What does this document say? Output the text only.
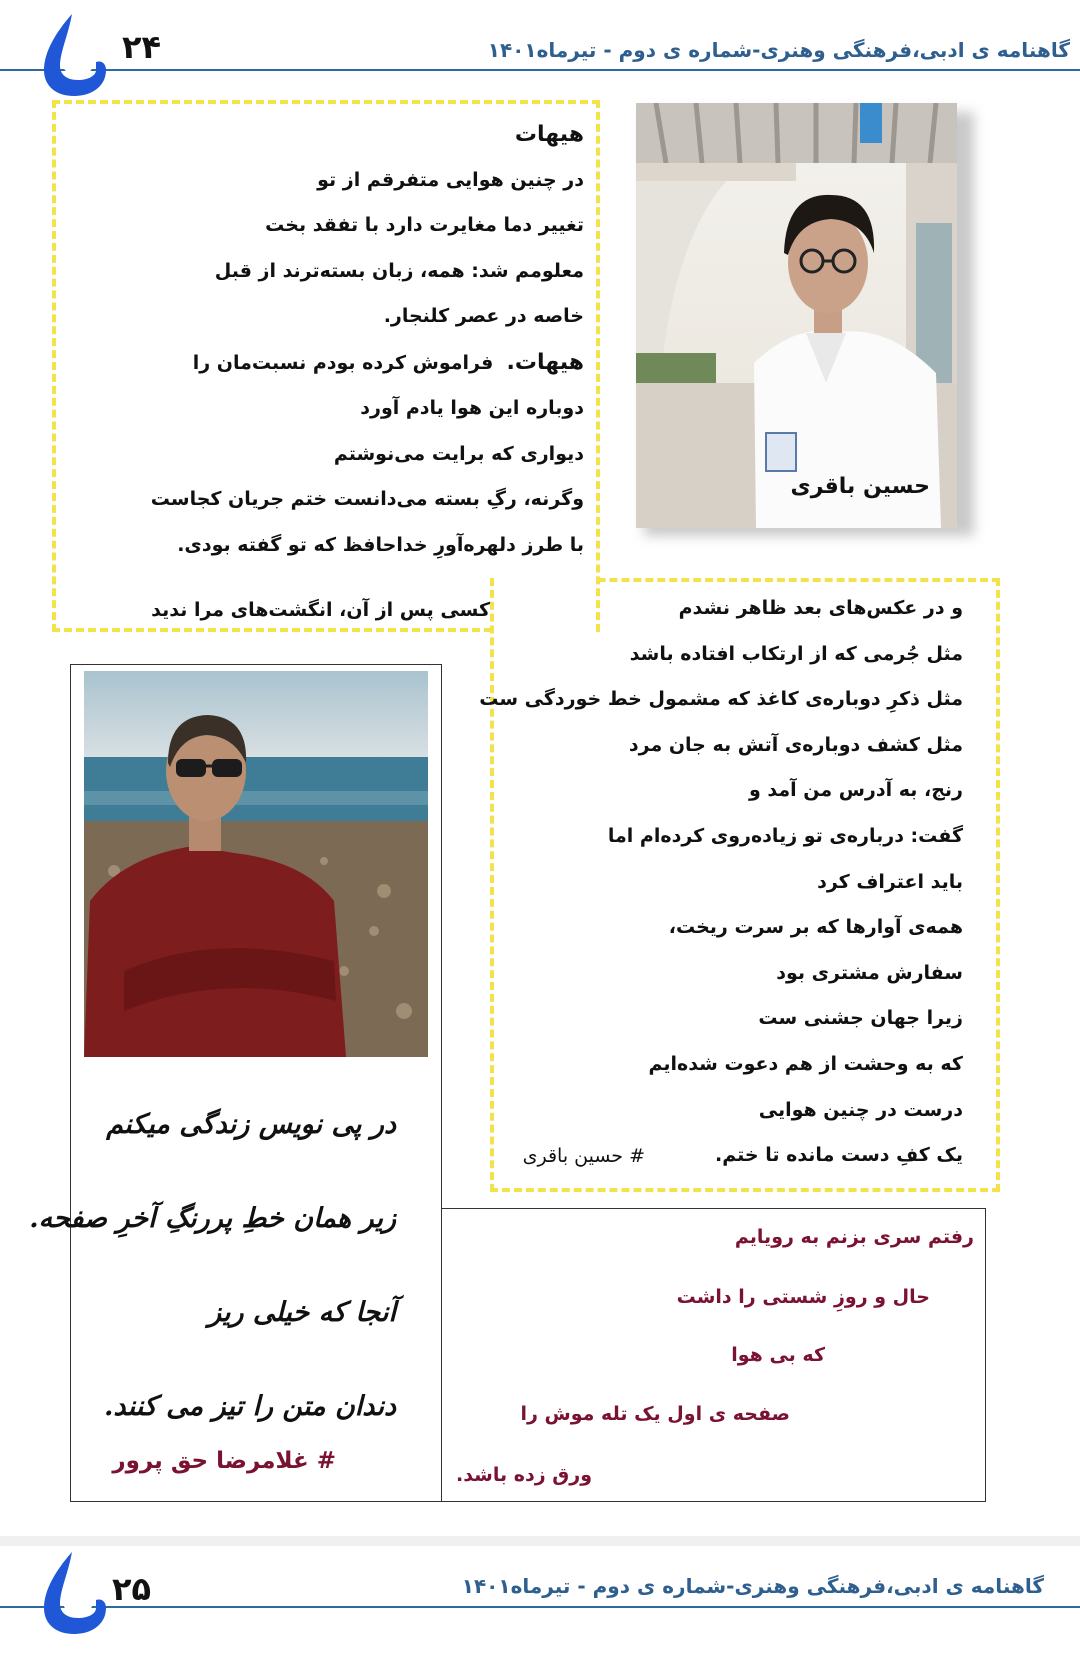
۲۴	گاهنامه ی ادبی،فرهنگی وهنری-شماره ی دوم - تیرماه۱۴۰۱
هیهات
در چنین هوایی متفرقم از تو
تغییر دما مغایرت دارد با تفقد بخت
معلومم شد: همه، زبان بسته‌ترند از قبل
خاصه در عصر کلنجار.
هیهات.  فراموش کرده بودم نسبت‌مان را
دوباره این هوا یادم آورد
دیواری که برایت می‌نوشتم
وگرنه، رگِ بسته می‌دانست ختم جریان کجاست
با طرز دلهره‌آورِ خداحافظ که تو گفته بودی.
کسی پس از آن، انگشت‌های مرا ندید
حسین باقری
و در عکس‌های بعد ظاهر نشدم
مثل جُرمی که از ارتکاب افتاده باشد
مثل ذکرِ دوباره‌ی کاغذ که مشمول خط خوردگی ست
مثل کشف دوباره‌ی آتش به جان مرد
رنج، به آدرس من آمد و
گفت: درباره‌ی تو زیاده‌روی کرده‌ام اما
باید اعتراف کرد
همه‌ی آوارها که بر سرت ریخت،
سفارش مشتری بود
زیرا جهان جشنی ست
که به وحشت از هم دعوت شده‌ایم
درست در چنین هوایی
یک کفِ دست مانده تا ختم.
# حسین باقری
در پی نویس زندگی میکنم
زیر همان خطِ پررنگِ آخرِ صفحه.
آنجا که خیلی ریز
دندان متن را تیز می کنند.
# غلامرضا حق پرور
رفتم سری بزنم به رویایم
حال و روزِ شستی را داشت
که بی هوا
صفحه ی اول یک تله موش را
ورق زده باشد.
۲۵	گاهنامه ی ادبی،فرهنگی وهنری-شماره ی دوم - تیرماه۱۴۰۱
